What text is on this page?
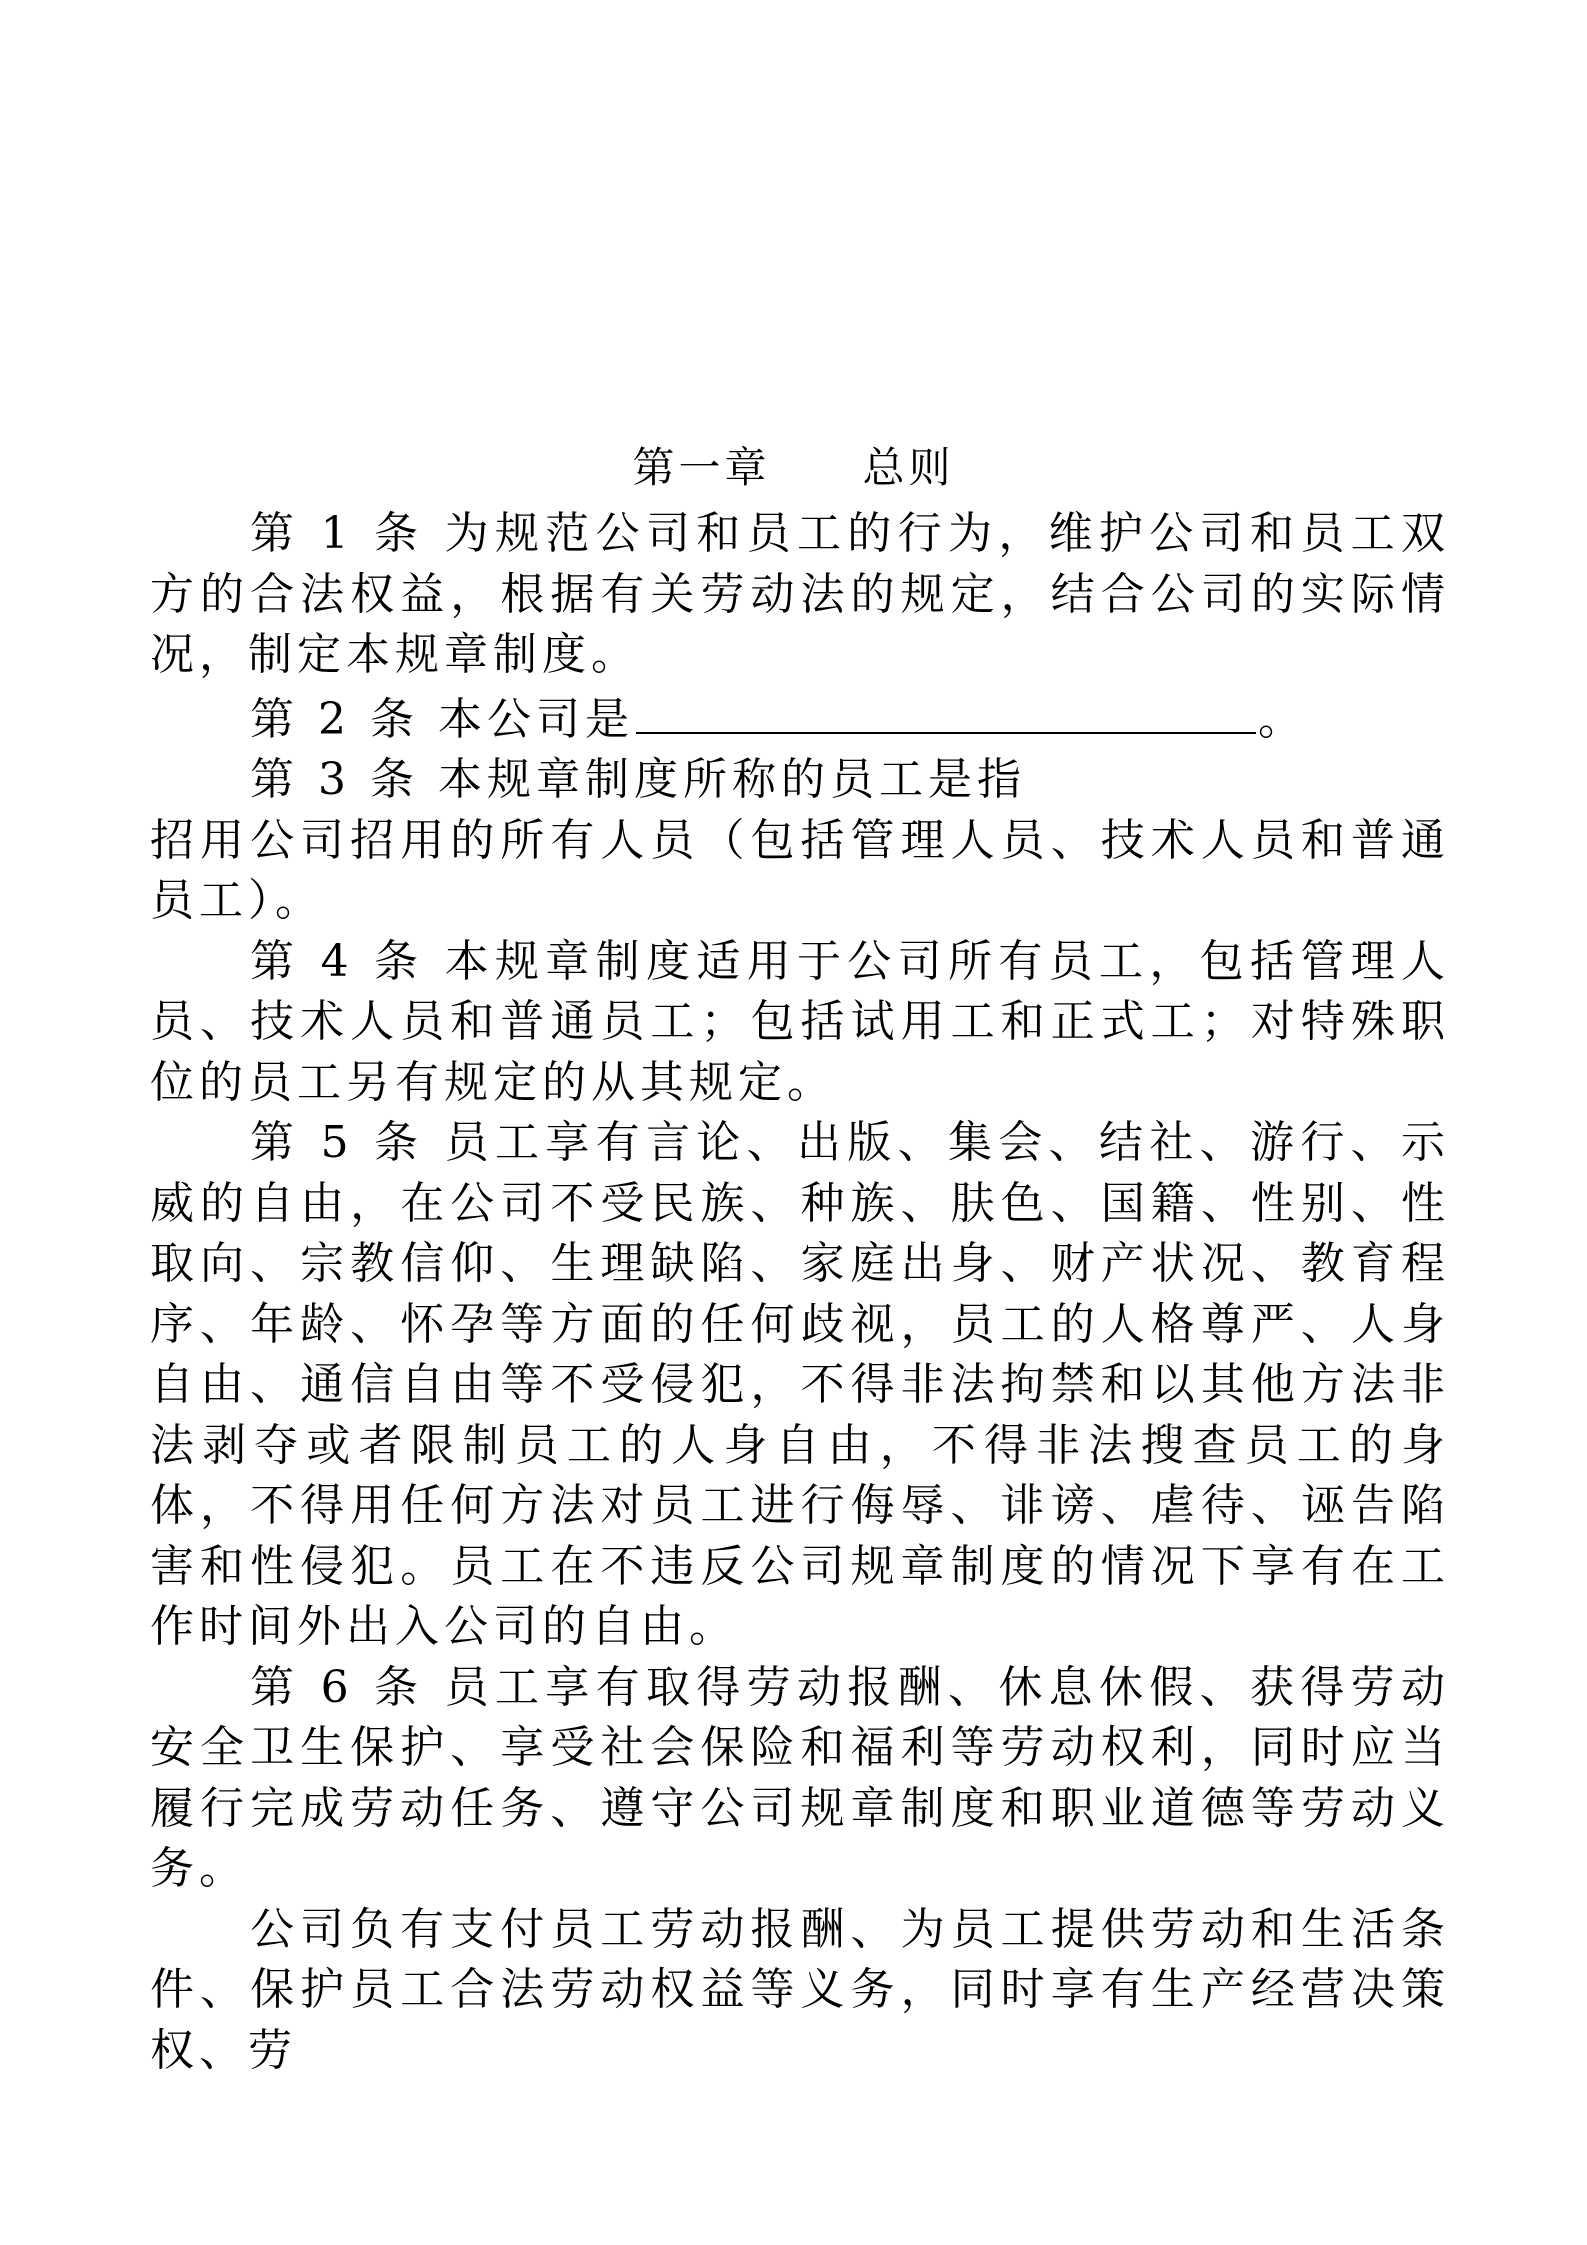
第一章　　总则

第 1 条 为规范公司和员工的行为，维护公司和员工双方的合法权益，根据有关劳动法的规定，结合公司的实际情况，制定本规章制度。

第 2 条 本公司是	。

第 3 条 本规章制度所称的员工是指

招用公司招用的所有人员（包括管理人员、技术人员和普通员工）。

第 4 条 本规章制度适用于公司所有员工，包括管理人员、技术人员和普通员工；包括试用工和正式工；对特殊职位的员工另有规定的从其规定。

第 5 条 员工享有言论、出版、集会、结社、游行、示威的自由，在公司不受民族、种族、肤色、国籍、性别、性取向、宗教信仰、生理缺陷、家庭出身、财产状况、教育程序、年龄、怀孕等方面的任何歧视，员工的人格尊严、人身自由、通信自由等不受侵犯，不得非法拘禁和以其他方法非法剥夺或者限制员工的人身自由，不得非法搜查员工的身体，不得用任何方法对员工进行侮辱、诽谤、虐待、诬告陷害和性侵犯。员工在不违反公司规章制度的情况下享有在工作时间外出入公司的自由。

第 6 条 员工享有取得劳动报酬、休息休假、获得劳动安全卫生保护、享受社会保险和福利等劳动权利，同时应当履行完成劳动任务、遵守公司规章制度和职业道德等劳动义务。

公司负有支付员工劳动报酬、为员工提供劳动和生活条件、保护员工合法劳动权益等义务，同时享有生产经营决策权、劳
